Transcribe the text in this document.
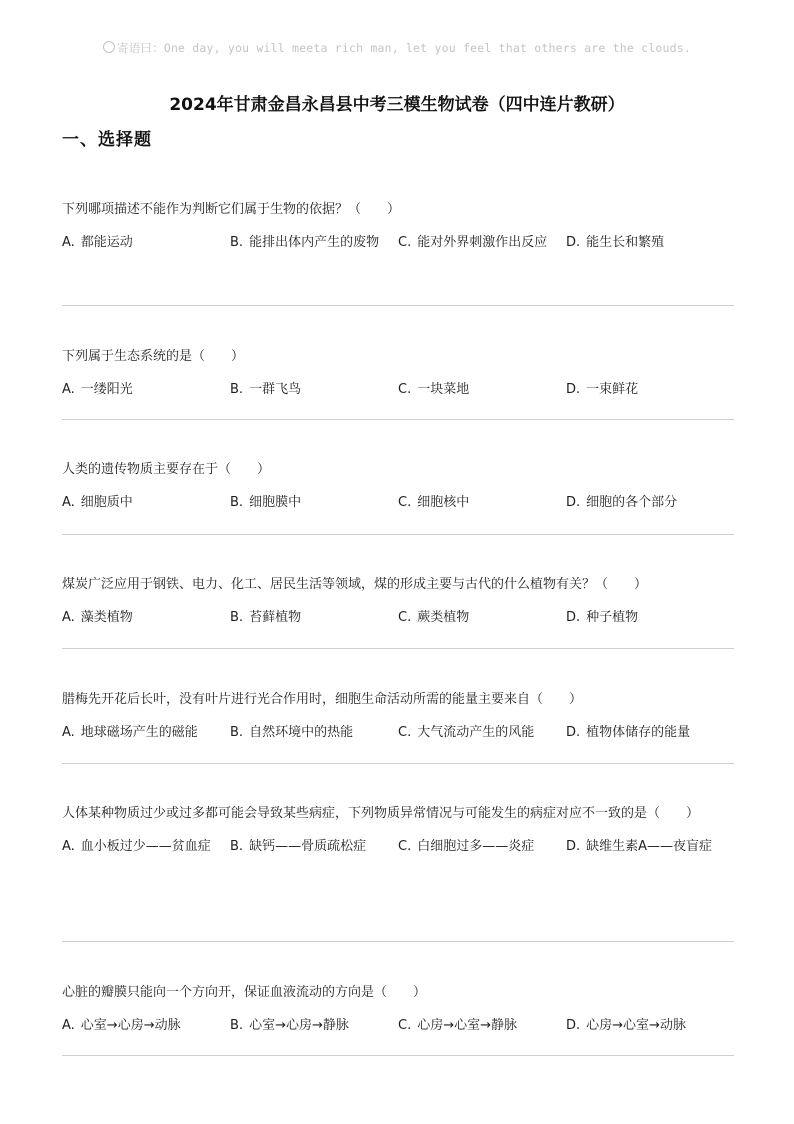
寄语曰：One day, you will meeta rich man, let you feel that others are the clouds.
2024年甘肃金昌永昌县中考三模生物试卷（四中连片教研）
一、选择题
下列哪项描述不能作为判断它们属于生物的依据？（　　）
A. 都能运动	B. 能排出体内产生的废物	C. 能对外界刺激作出反应	D. 能生长和繁殖
下列属于生态系统的是（　　）
A. 一缕阳光	B. 一群飞鸟	C. 一块菜地	D. 一束鲜花
人类的遗传物质主要存在于（　　）
A. 细胞质中	B. 细胞膜中	C. 细胞核中	D. 细胞的各个部分
煤炭广泛应用于钢铁、电力、化工、居民生活等领域，煤的形成主要与古代的什么植物有关？（　　）
A. 藻类植物	B. 苔藓植物	C. 蕨类植物	D. 种子植物
腊梅先开花后长叶，没有叶片进行光合作用时，细胞生命活动所需的能量主要来自（　　）
A. 地球磁场产生的磁能	B. 自然环境中的热能	C. 大气流动产生的风能	D. 植物体储存的能量
人体某种物质过少或过多都可能会导致某些病症，下列物质异常情况与可能发生的病症对应不一致的是（　　）
A. 血小板过少——贫血症	B. 缺钙——骨质疏松症	C. 白细胞过多——炎症	D. 缺维生素A——夜盲症
心脏的瓣膜只能向一个方向开，保证血液流动的方向是（　　）
A. 心室→心房→动脉	B. 心室→心房→静脉	C. 心房→心室→静脉	D. 心房→心室→动脉
